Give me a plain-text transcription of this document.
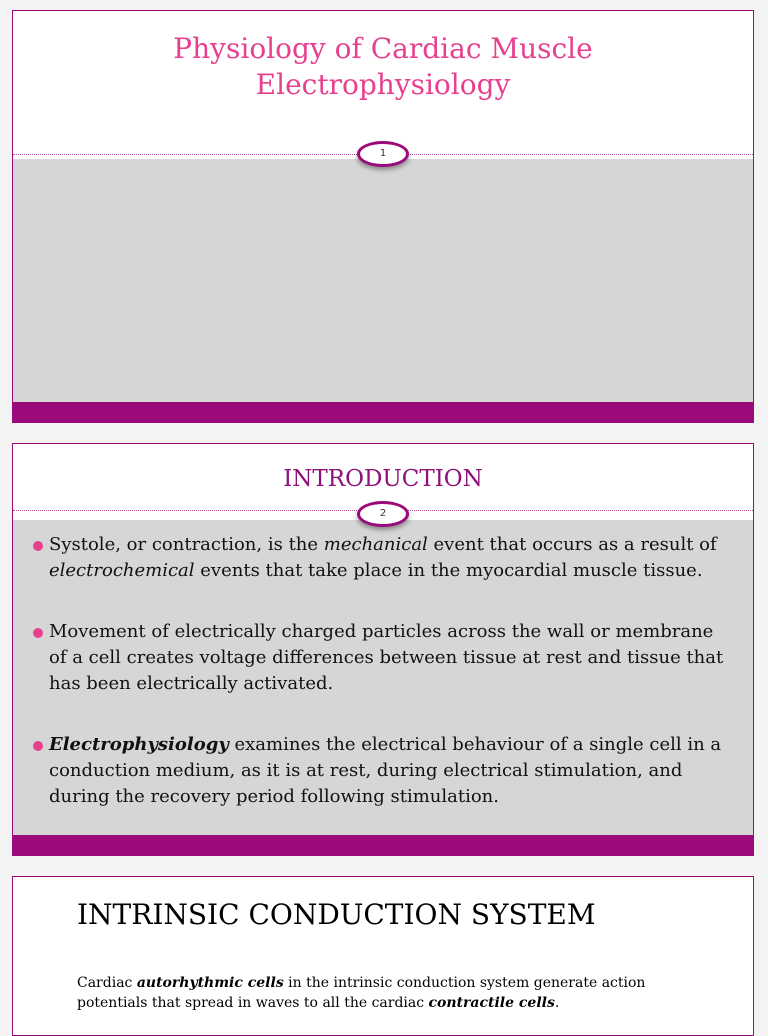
Physiology of Cardiac Muscle
Electrophysiology
1
INTRODUCTION
2
Systole, or contraction, is the mechanical event that occurs as a result of electrochemical events that take place in the myocardial muscle tissue.
Movement of electrically charged particles across the wall or membrane of a cell creates voltage differences between tissue at rest and tissue that has been electrically activated.
Electrophysiology examines the electrical behaviour of a single cell in a conduction medium, as it is at rest, during electrical stimulation, and during the recovery period following stimulation.
INTRINSIC CONDUCTION SYSTEM
Cardiac autorhythmic cells in the intrinsic conduction system generate action potentials that spread in waves to all the cardiac contractile cells.
